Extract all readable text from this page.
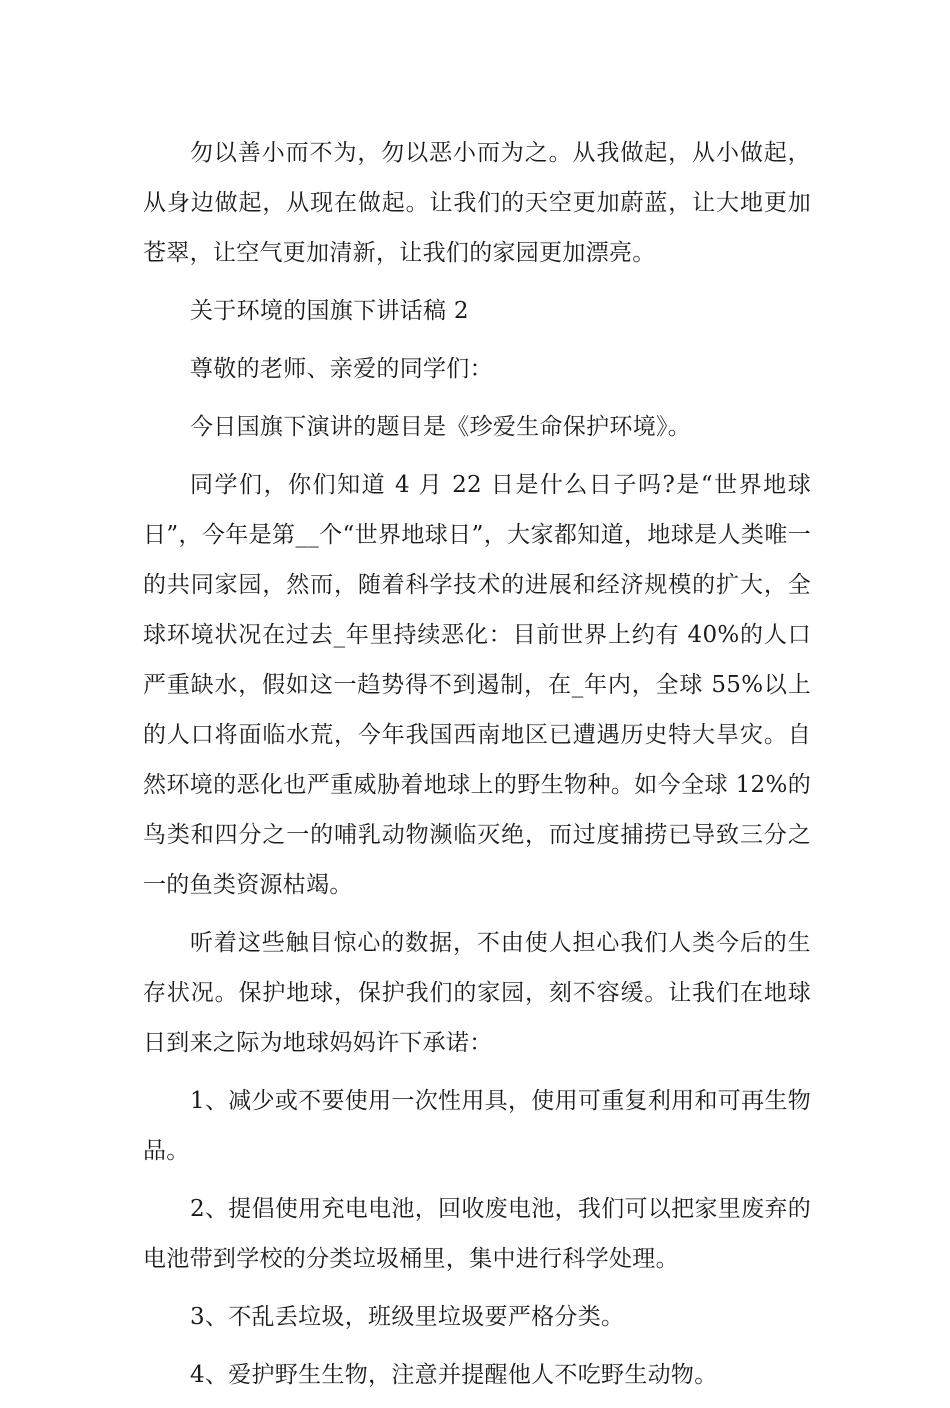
勿以善小而不为，勿以恶小而为之。从我做起，从小做起，从身边做起，从现在做起。让我们的天空更加蔚蓝，让大地更加苍翠，让空气更加清新，让我们的家园更加漂亮。

关于环境的国旗下讲话稿 2

尊敬的老师、亲爱的同学们：

今日国旗下演讲的题目是《珍爱生命保护环境》。

同学们，你们知道 4 月 22 日是什么日子吗?是“世界地球日”，今年是第__个“世界地球日”，大家都知道，地球是人类唯一的共同家园，然而，随着科学技术的进展和经济规模的扩大，全球环境状况在过去_年里持续恶化：目前世界上约有 40%的人口严重缺水，假如这一趋势得不到遏制，在_年内，全球 55%以上的人口将面临水荒，今年我国西南地区已遭遇历史特大旱灾。自然环境的恶化也严重威胁着地球上的野生物种。如今全球 12%的鸟类和四分之一的哺乳动物濒临灭绝，而过度捕捞已导致三分之一的鱼类资源枯竭。

听着这些触目惊心的数据，不由使人担心我们人类今后的生存状况。保护地球，保护我们的家园，刻不容缓。让我们在地球日到来之际为地球妈妈许下承诺：

1、减少或不要使用一次性用具，使用可重复利用和可再生物品。

2、提倡使用充电电池，回收废电池，我们可以把家里废弃的电池带到学校的分类垃圾桶里，集中进行科学处理。

3、不乱丢垃圾，班级里垃圾要严格分类。

4、爱护野生生物，注意并提醒他人不吃野生动物。
